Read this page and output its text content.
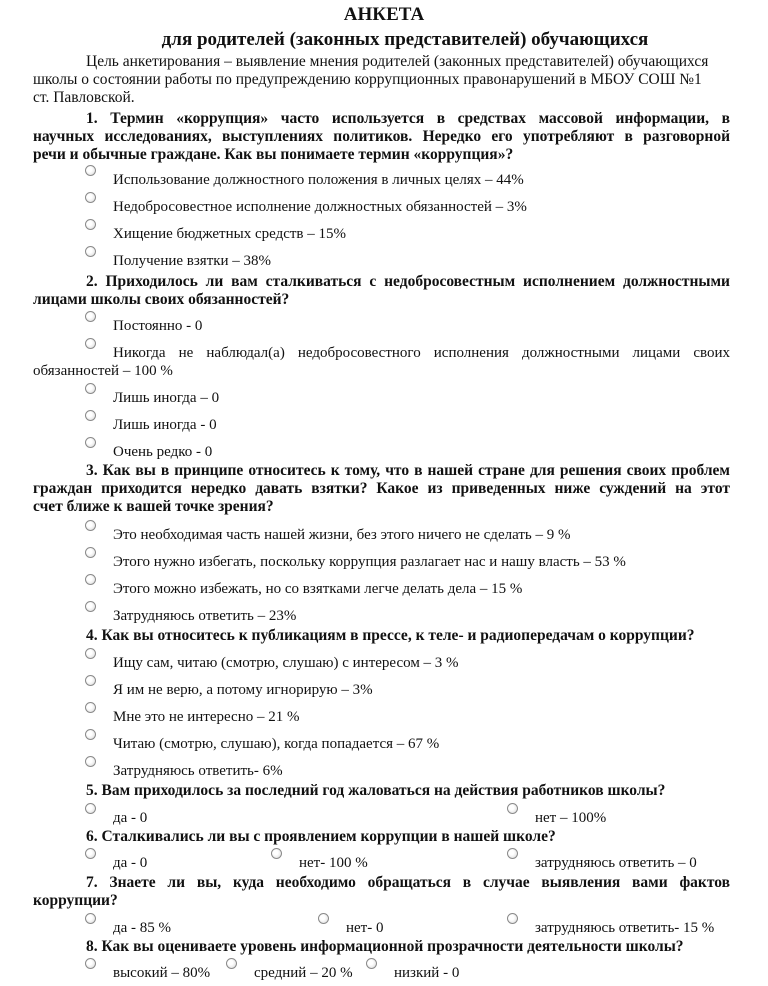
АНКЕТА
для родителей (законных представителей) обучающихся
Цель анкетирования – выявление мнения родителей (законных представителей) обучающихся
школы о состоянии работы по предупреждению коррупционных правонарушений в МБОУ СОШ №1
ст. Павловской.
1. Термин «коррупция» часто используется в средствах массовой информации, в
научных исследованиях, выступлениях политиков. Нередко его употребляют в разговорной
речи и обычные граждане. Как вы понимаете термин «коррупция»?
Использование должностного положения в личных целях – 44%
Недобросовестное исполнение должностных обязанностей – 3%
Хищение бюджетных средств – 15%
Получение взятки – 38%
2. Приходилось ли вам сталкиваться с недобросовестным исполнением должностными
лицами школы своих обязанностей?
Постоянно - 0
Никогда не наблюдал(а) недобросовестного исполнения должностными лицами своих
обязанностей – 100 %
Лишь иногда – 0
Лишь иногда - 0
Очень редко - 0
3. Как вы в принципе относитесь к тому, что в нашей стране для решения своих проблем
граждан приходится нередко давать взятки? Какое из приведенных ниже суждений на этот
счет ближе к вашей точке зрения?
Это необходимая часть нашей жизни, без этого ничего не сделать – 9 %
Этого нужно избегать, поскольку коррупция разлагает нас и нашу власть – 53 %
Этого можно избежать, но со взятками легче делать дела – 15 %
Затрудняюсь ответить – 23%
4. Как вы относитесь к публикациям в прессе, к теле- и радиопередачам о коррупции?
Ищу сам, читаю (смотрю, слушаю) с интересом – 3 %
Я им не верю, а потому игнорирую – 3%
Мне это не интересно – 21 %
Читаю (смотрю, слушаю), когда попадается – 67 %
Затрудняюсь ответить- 6%
5. Вам приходилось за последний год жаловаться на действия работников школы?
да - 0	нет – 100%
6. Сталкивались ли вы с проявлением коррупции в нашей школе?
да - 0	нет- 100 %	затрудняюсь ответить – 0
7. Знаете ли вы, куда необходимо обращаться в случае выявления вами фактов
коррупции?
да - 85 %	нет- 0	затрудняюсь ответить- 15 %
8. Как вы оцениваете уровень информационной прозрачности деятельности школы?
высокий – 80%	средний – 20 %	низкий - 0
